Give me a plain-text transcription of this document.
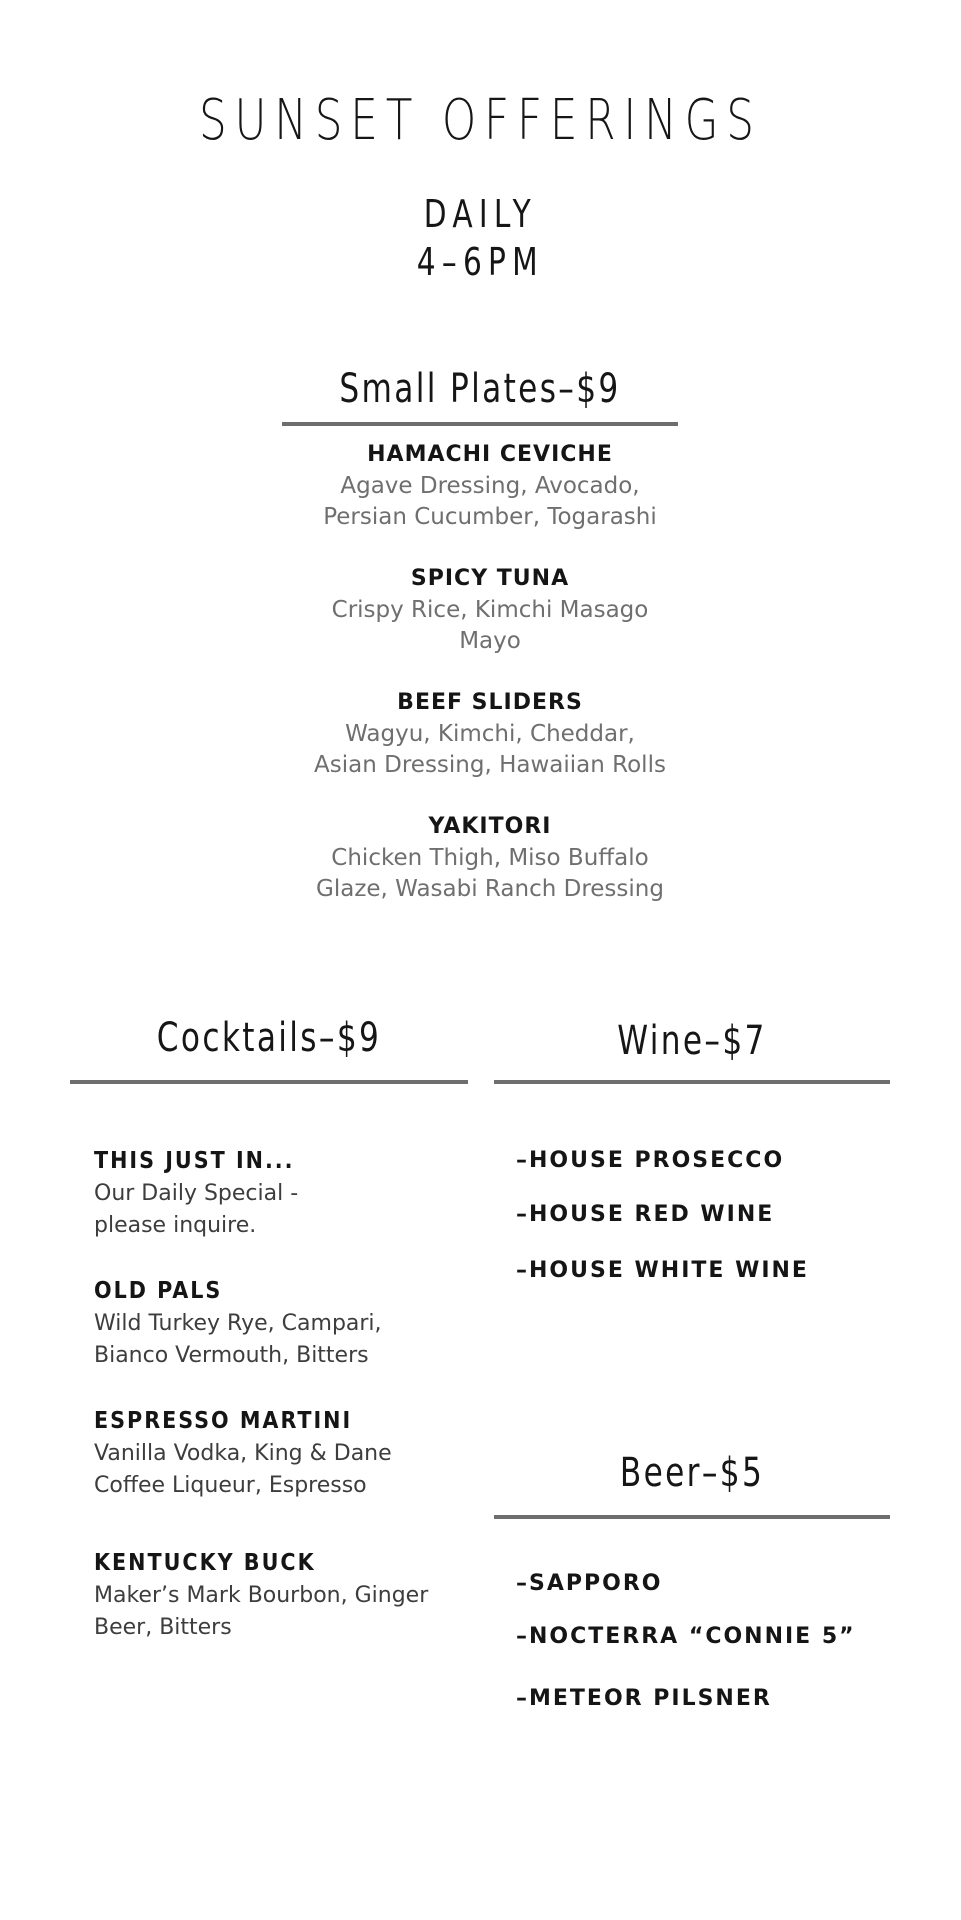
SUNSET OFFERINGS
DAILY
4–6PM
Small Plates–$9
HAMACHI CEVICHE
Agave Dressing, Avocado,
Persian Cucumber, Togarashi
SPICY TUNA
Crispy Rice, Kimchi Masago
Mayo
BEEF SLIDERS
Wagyu, Kimchi, Cheddar,
Asian Dressing, Hawaiian Rolls
YAKITORI
Chicken Thigh, Miso Buffalo
Glaze, Wasabi Ranch Dressing
Cocktails–$9
THIS JUST IN...
Our Daily Special -
please inquire.
OLD PALS
Wild Turkey Rye, Campari,
Bianco Vermouth, Bitters
ESPRESSO MARTINI
Vanilla Vodka, King & Dane
Coffee Liqueur, Espresso
KENTUCKY BUCK
Maker’s Mark Bourbon, Ginger
Beer, Bitters
Wine–$7
–HOUSE PROSECCO
–HOUSE RED WINE
–HOUSE WHITE WINE
Beer–$5
–SAPPORO
–NOCTERRA “CONNIE 5”
–METEOR PILSNER
